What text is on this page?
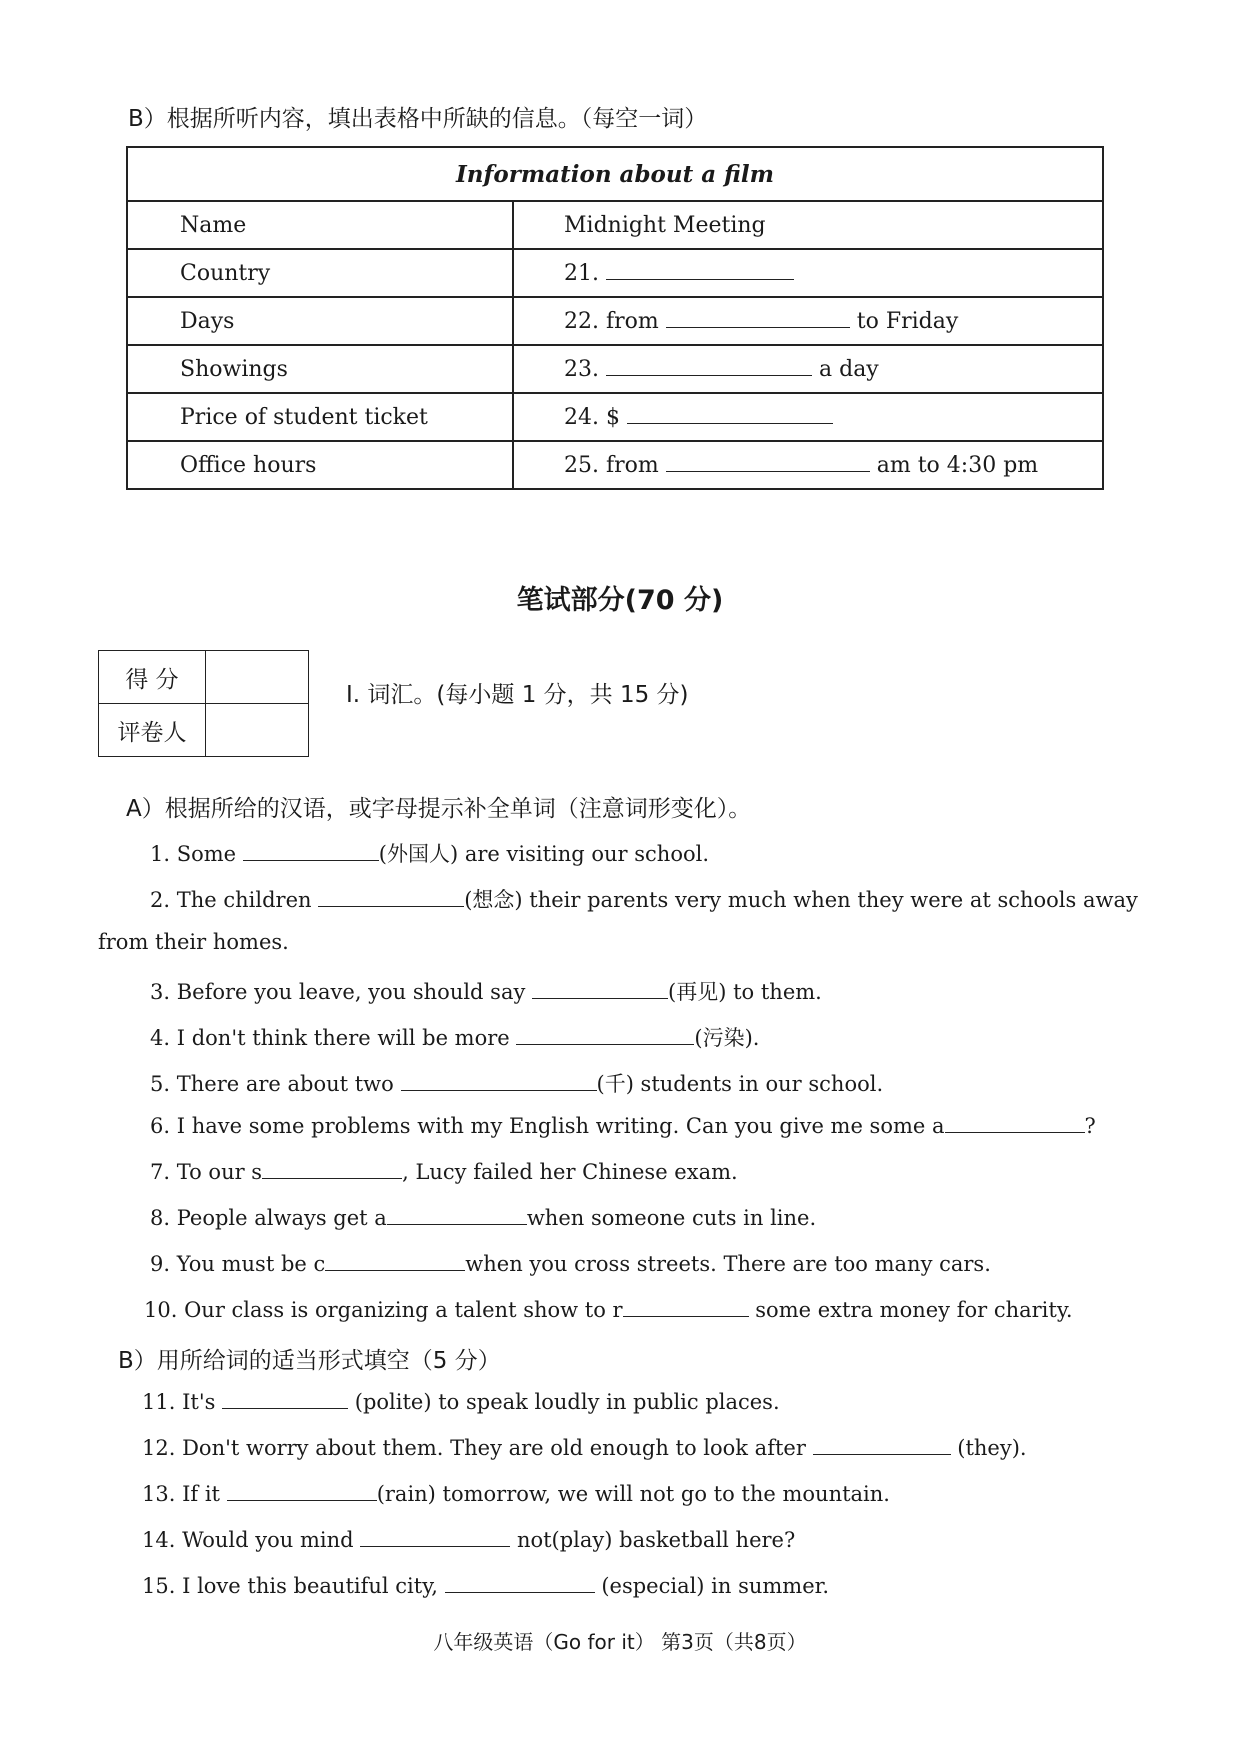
B）根据所听内容，填出表格中所缺的信息。（每空一词）
Information about a film	
Name	Midnight Meeting
Country	21.
Days	22. from to Friday
Showings	23. a day
Price of student ticket	24. $
Office hours	25. from am to 4:30 pm
笔试部分(70 分)
得 分	
评卷人	
Ⅰ. 词汇。(每小题 1 分，共 15 分)
A）根据所给的汉语，或字母提示补全单词（注意词形变化）。
1. Some	(外国人) are visiting our school.
2. The children	(想念) their parents very much when they were at schools away
from their homes.
3. Before you leave, you should say	(再见) to them.
4. I don't think there will be more	(污染).
5. There are about two	(千) students in our school.
6. I have some problems with my English writing. Can you give me some a	?
7. To our s	, Lucy failed her Chinese exam.
8. People always get a	when someone cuts in line.
9. You must be c	when you cross streets. There are too many cars.
10. Our class is organizing a talent show to r	some extra money for charity.
B）用所给词的适当形式填空（5 分）
11. It's	(polite) to speak loudly in public places.
12. Don't worry about them. They are old enough to look after	(they).
13. If it	(rain) tomorrow, we will not go to the mountain.
14. Would you mind	not(play) basketball here?
15. I love this beautiful city,	(especial) in summer.
八年级英语（Go for it） 第3页（共8页）
